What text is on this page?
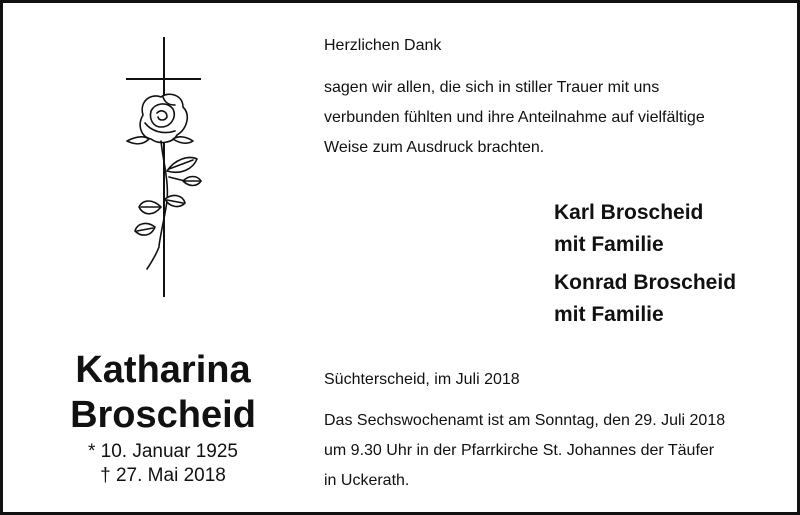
Katharina
Broscheid
* 10. Januar 1925
† 27. Mai 2018
Herzlichen Dank
sagen wir allen, die sich in stiller Trauer mit uns
verbunden fühlten und ihre Anteilnahme auf vielfältige
Weise zum Ausdruck brachten.
Karl Broscheid
mit Familie
Konrad Broscheid
mit Familie
Süchterscheid, im Juli 2018
Das Sechswochenamt ist am Sonntag, den 29. Juli 2018
um 9.30 Uhr in der Pfarrkirche St. Johannes der Täufer
in Uckerath.
